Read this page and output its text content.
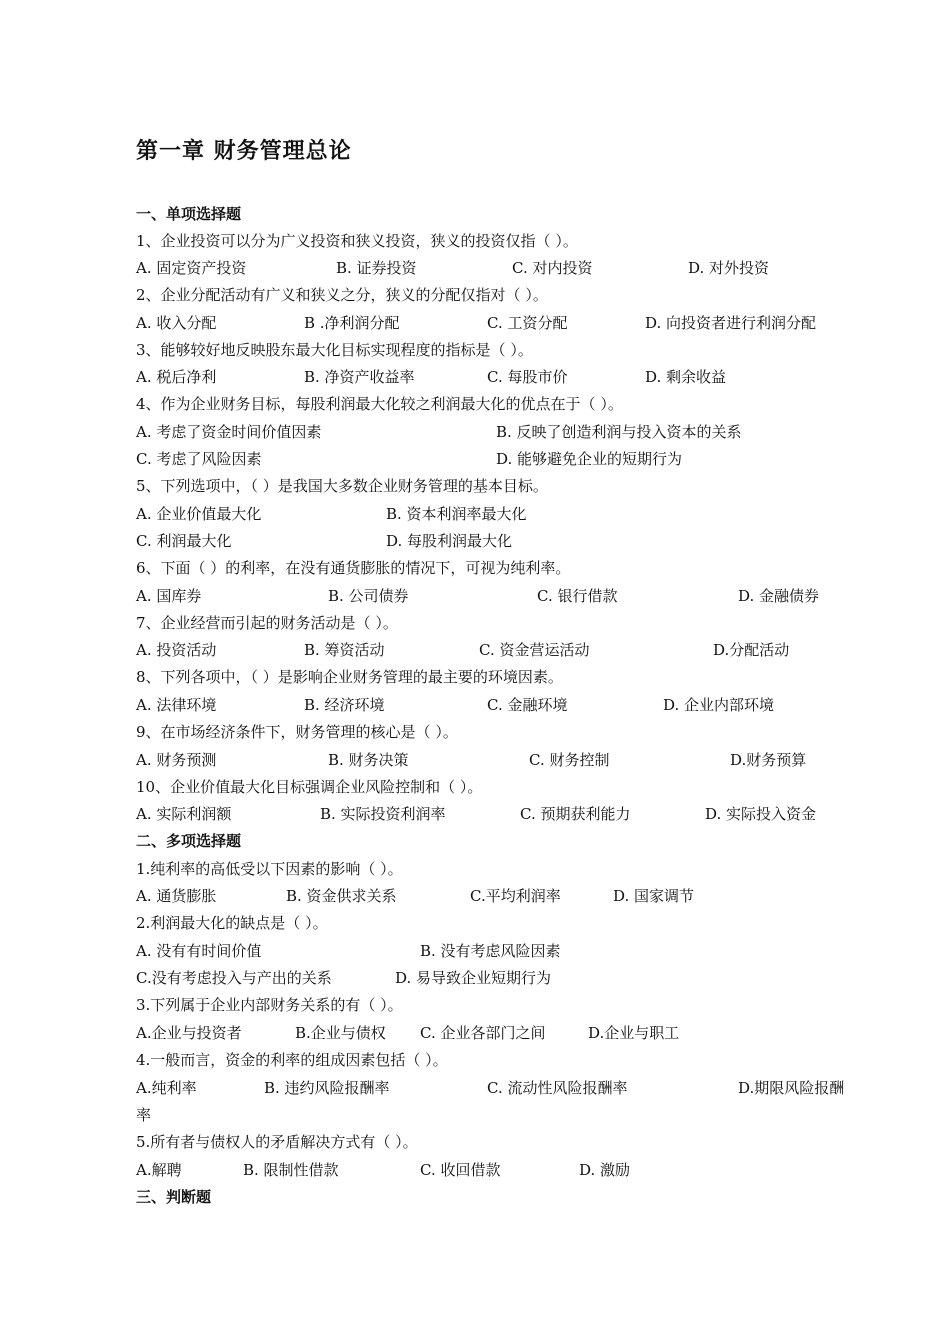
第一章 财务管理总论
一、单项选择题
1、企业投资可以分为广义投资和狭义投资，狭义的投资仅指（ ）。
A. 固定资产投资	B. 证券投资	C. 对内投资	D. 对外投资
2、企业分配活动有广义和狭义之分，狭义的分配仅指对（ ）。
A. 收入分配	B .净利润分配	C. 工资分配	D. 向投资者进行利润分配
3、能够较好地反映股东最大化目标实现程度的指标是（ ）。
A. 税后净利	B. 净资产收益率	C. 每股市价	D. 剩余收益
4、作为企业财务目标，每股利润最大化较之利润最大化的优点在于（ ）。
A. 考虑了资金时间价值因素	B. 反映了创造利润与投入资本的关系
C. 考虑了风险因素	D. 能够避免企业的短期行为
5、下列选项中，（ ）是我国大多数企业财务管理的基本目标。
A. 企业价值最大化	B. 资本利润率最大化
C. 利润最大化	D. 每股利润最大化
6、下面（ ）的利率，在没有通货膨胀的情况下，可视为纯利率。
A. 国库券	B. 公司债券	C. 银行借款	D. 金融债券
7、企业经营而引起的财务活动是（ ）。
A. 投资活动	B. 筹资活动	C. 资金营运活动	D.分配活动
8、下列各项中，（ ）是影响企业财务管理的最主要的环境因素。
A. 法律环境	B. 经济环境	C. 金融环境	D. 企业内部环境
9、在市场经济条件下，财务管理的核心是（ ）。
A. 财务预测	B. 财务决策	C. 财务控制	D.财务预算
10、企业价值最大化目标强调企业风险控制和（ ）。
A. 实际利润额	B. 实际投资利润率	C. 预期获利能力	D. 实际投入资金
二、多项选择题
1.纯利率的高低受以下因素的影响（ ）。
A. 通货膨胀	B. 资金供求关系	C.平均利润率	D. 国家调节
2.利润最大化的缺点是（ ）。
A. 没有有时间价值	B. 没有考虑风险因素
C.没有考虑投入与产出的关系	D. 易导致企业短期行为
3.下列属于企业内部财务关系的有（ ）。
A.企业与投资者	B.企业与债权 C. 企业各部门之间	D.企业与职工
4.一般而言，资金的利率的组成因素包括（ ）。
A.纯利率	B. 违约风险报酬率	C. 流动性风险报酬率	D.期限风险报酬
率
5.所有者与债权人的矛盾解决方式有（ ）。
A.解聘	B. 限制性借款	C. 收回借款	D. 激励
三、判断题
